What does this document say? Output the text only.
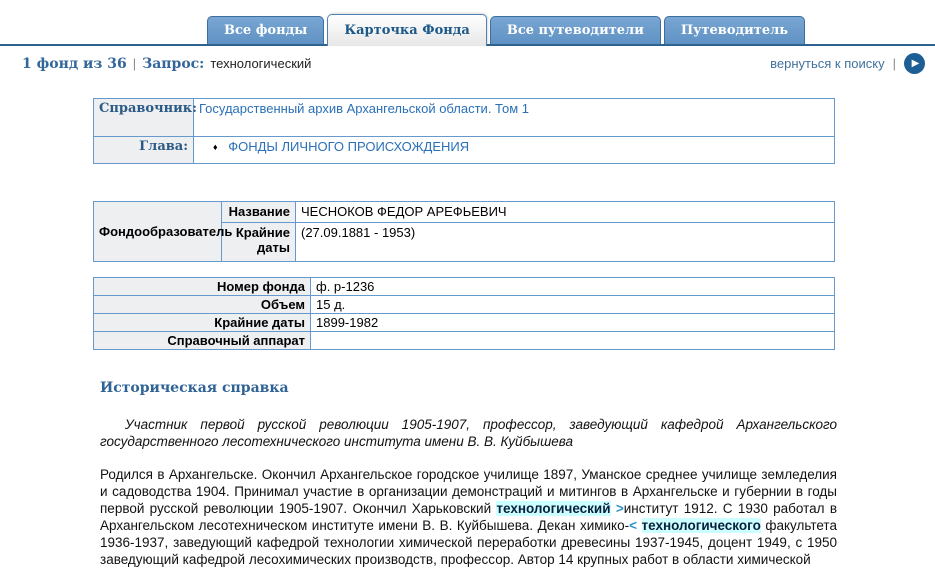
Все фонды	Карточка Фонда	Все путеводители	Путеводитель
1 фонд из 36 | Запрос: технологический	вернуться к поиску | ▶
Справочник:	Государственный архив Архангельской области. Том 1
Глава:	♦ ФОНДЫ ЛИЧНОГО ПРОИСХОЖДЕНИЯ
Фондообразователь	Название	ЧЕСНОКОВ ФЕДОР АРЕФЬЕВИЧ
	Крайние даты	(27.09.1881 - 1953)
Номер фонда	ф. р-1236
Объем	15 д.
Крайние даты	1899-1982
Справочный аппарат	
Историческая справка

Участник первой русской революции 1905-1907, профессор, заведующий кафедрой Архангельского государственного лесотехнического института имени В. В. Куйбышева

Родился в Архангельске. Окончил Архангельское городское училище 1897, Уманское среднее училище земледелия и садоводства 1904. Принимал участие в организации демонстраций и митингов в Архангельске и губернии в годы первой русской революции 1905-1907. Окончил Харьковский технологический >институт 1912. С 1930 работал в Архангельском лесотехническом институте имени В. В. Куйбышева. Декан химико-< технологического факультета 1936-1937, заведующий кафедрой технологии химической переработки древесины 1937-1945, доцент 1949, с 1950 заведующий кафедрой лесохимических производств, профессор. Автор 14 крупных работ в области химической
